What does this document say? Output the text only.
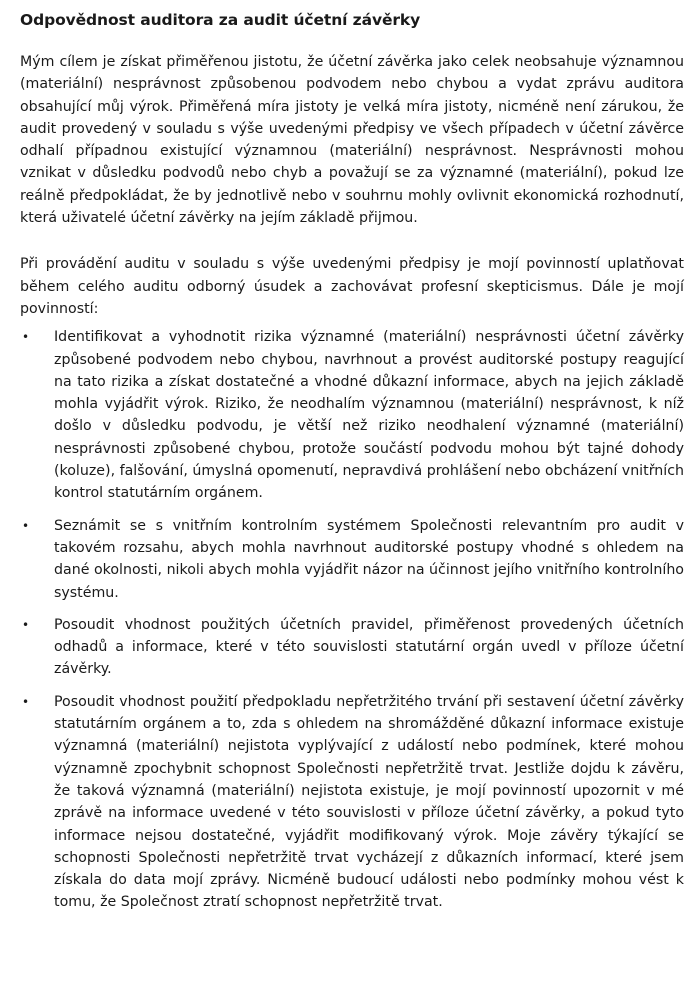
Odpovědnost auditora za audit účetní závěrky

Mým cílem je získat přiměřenou jistotu, že účetní závěrka jako celek neobsahuje významnou (materiální) nesprávnost způsobenou podvodem nebo chybou a vydat zprávu auditora obsahující můj výrok. Přiměřená míra jistoty je velká míra jistoty, nicméně není zárukou, že audit provedený v souladu s výše uvedenými předpisy ve všech případech v účetní závěrce odhalí případnou existující významnou (materiální) nesprávnost. Nesprávnosti mohou vznikat v důsledku podvodů nebo chyb a považují se za významné (materiální), pokud lze reálně předpokládat, že by jednotlivě nebo v souhrnu mohly ovlivnit ekonomická rozhodnutí, která uživatelé účetní závěrky na jejím základě přijmou.

Při provádění auditu v souladu s výše uvedenými předpisy je mojí povinností uplatňovat během celého auditu odborný úsudek a zachovávat profesní skepticismus. Dále je mojí povinností:

• Identifikovat a vyhodnotit rizika významné (materiální) nesprávnosti účetní závěrky způsobené podvodem nebo chybou, navrhnout a provést auditorské postupy reagující na tato rizika a získat dostatečné a vhodné důkazní informace, abych na jejich základě mohla vyjádřit výrok. Riziko, že neodhalím významnou (materiální) nesprávnost, k níž došlo v důsledku podvodu, je větší než riziko neodhalení významné (materiální) nesprávnosti způsobené chybou, protože součástí podvodu mohou být tajné dohody (koluze), falšování, úmyslná opomenutí, nepravdivá prohlášení nebo obcházení vnitřních kontrol statutárním orgánem.
• Seznámit se s vnitřním kontrolním systémem Společnosti relevantním pro audit v takovém rozsahu, abych mohla navrhnout auditorské postupy vhodné s ohledem na dané okolnosti, nikoli abych mohla vyjádřit názor na účinnost jejího vnitřního kontrolního systému.
• Posoudit vhodnost použitých účetních pravidel, přiměřenost provedených účetních odhadů a informace, které v této souvislosti statutární orgán uvedl v příloze účetní závěrky.
• Posoudit vhodnost použití předpokladu nepřetržitého trvání při sestavení účetní závěrky statutárním orgánem a to, zda s ohledem na shromážděné důkazní informace existuje významná (materiální) nejistota vyplývající z událostí nebo podmínek, které mohou významně zpochybnit schopnost Společnosti nepřetržitě trvat. Jestliže dojdu k závěru, že taková významná (materiální) nejistota existuje, je mojí povinností upozornit v mé zprávě na informace uvedené v této souvislosti v příloze účetní závěrky, a pokud tyto informace nejsou dostatečné, vyjádřit modifikovaný výrok. Moje závěry týkající se schopnosti Společnosti nepřetržitě trvat vycházejí z důkazních informací, které jsem získala do data mojí zprávy. Nicméně budoucí události nebo podmínky mohou vést k tomu, že Společnost ztratí schopnost nepřetržitě trvat.
